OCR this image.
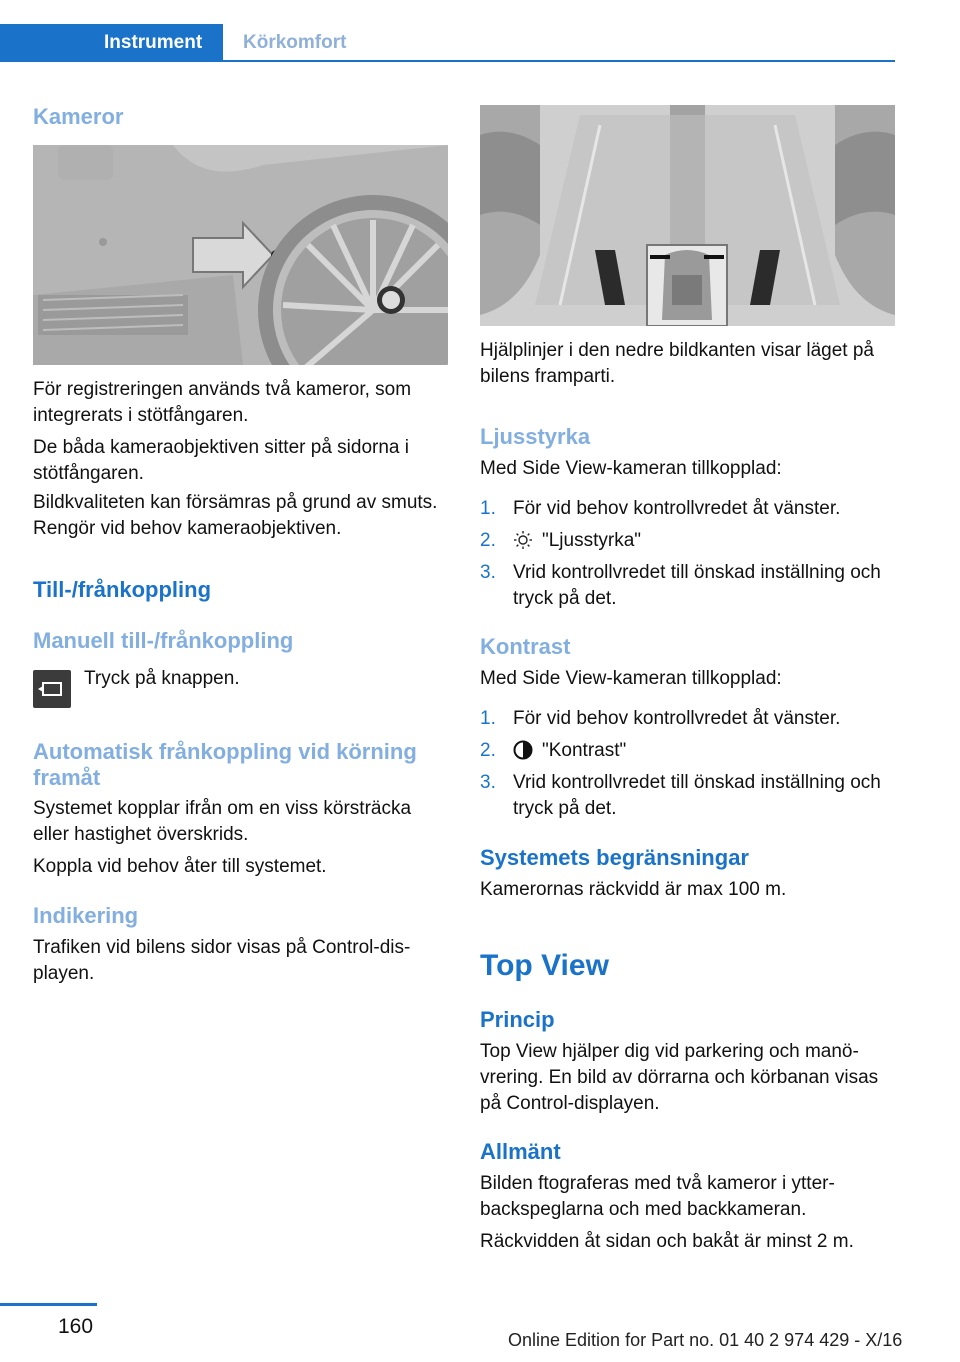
Instrument	Körkomfort
Kameror
För registreringen används två kameror, som integrerats i stötfångaren.
De båda kameraobjektiven sitter på sidorna i stötfångaren.
Bildkvaliteten kan försämras på grund av smuts. Rengör vid behov kameraobjektiven.
Till-/frånkoppling
Manuell till-/frånkoppling
Tryck på knappen.
Automatisk frånkoppling vid körning framåt
Systemet kopplar ifrån om en viss körsträcka eller hastighet överskrids.
Koppla vid behov åter till systemet.
Indikering
Trafiken vid bilens sidor visas på Control-dis-playen.
Hjälplinjer i den nedre bildkanten visar läget på bilens framparti.
Ljusstyrka
Med Side View-kameran tillkopplad:
1. För vid behov kontrollvredet åt vänster.
2. "Ljusstyrka"
3. Vrid kontrollvredet till önskad inställning och tryck på det.
Kontrast
Med Side View-kameran tillkopplad:
1. För vid behov kontrollvredet åt vänster.
2. "Kontrast"
3. Vrid kontrollvredet till önskad inställning och tryck på det.
Systemets begränsningar
Kamerornas räckvidd är max 100 m.
Top View
Princip
Top View hjälper dig vid parkering och manö-vrering. En bild av dörrarna och körbanan visas på Control-displayen.
Allmänt
Bilden ftograferas med två kameror i ytter-backspeglarna och med backkameran.
Räckvidden åt sidan och bakåt är minst 2 m.
160
Online Edition for Part no. 01 40 2 974 429 - X/16
